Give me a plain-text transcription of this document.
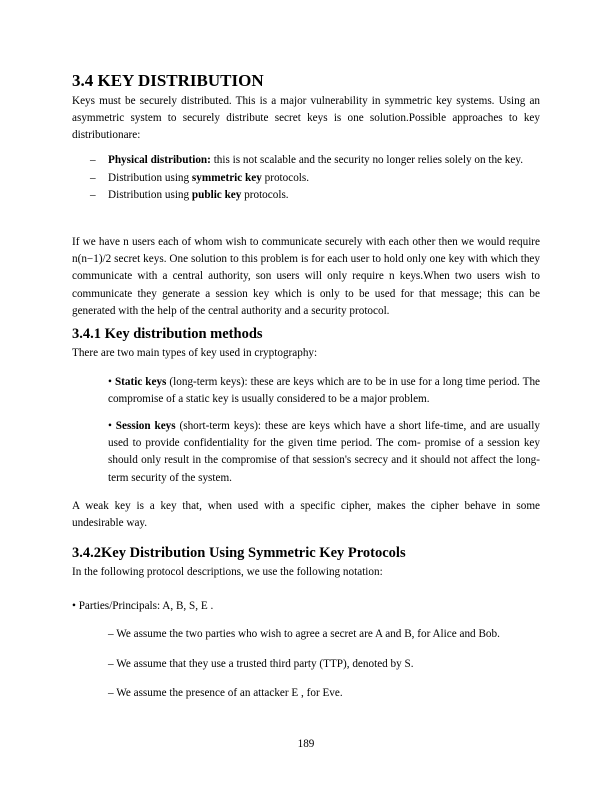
3.4 KEY DISTRIBUTION
Keys must be securely distributed. This is a major vulnerability in symmetric key systems. Using an asymmetric system to securely distribute secret keys is one solution.Possible approaches to key distributionare:
– Physical distribution: this is not scalable and the security no longer relies solely on the key.
– Distribution using symmetric key protocols.
– Distribution using public key protocols.
If we have n users each of whom wish to communicate securely with each other then we would require n(n−1)/2 secret keys. One solution to this problem is for each user to hold only one key with which they communicate with a central authority, son users will only require n keys.When two users wish to communicate they generate a session key which is only to be used for that message; this can be generated with the help of the central authority and a security protocol.
3.4.1 Key distribution methods
There are two main types of key used in cryptography:
• Static keys (long-term keys): these are keys which are to be in use for a long time period. The compromise of a static key is usually considered to be a major problem.
• Session keys (short-term keys): these are keys which have a short life-time, and are usually used to provide confidentiality for the given time period. The com- promise of a session key should only result in the compromise of that session's secrecy and it should not affect the long-term security of the system.
A weak key is a key that, when used with a specific cipher, makes the cipher behave in some undesirable way.
3.4.2Key Distribution Using Symmetric Key Protocols
In the following protocol descriptions, we use the following notation:
• Parties/Principals: A, B, S, E .
– We assume the two parties who wish to agree a secret are A and B, for Alice and Bob.
– We assume that they use a trusted third party (TTP), denoted by S.
– We assume the presence of an attacker E , for Eve.
189
